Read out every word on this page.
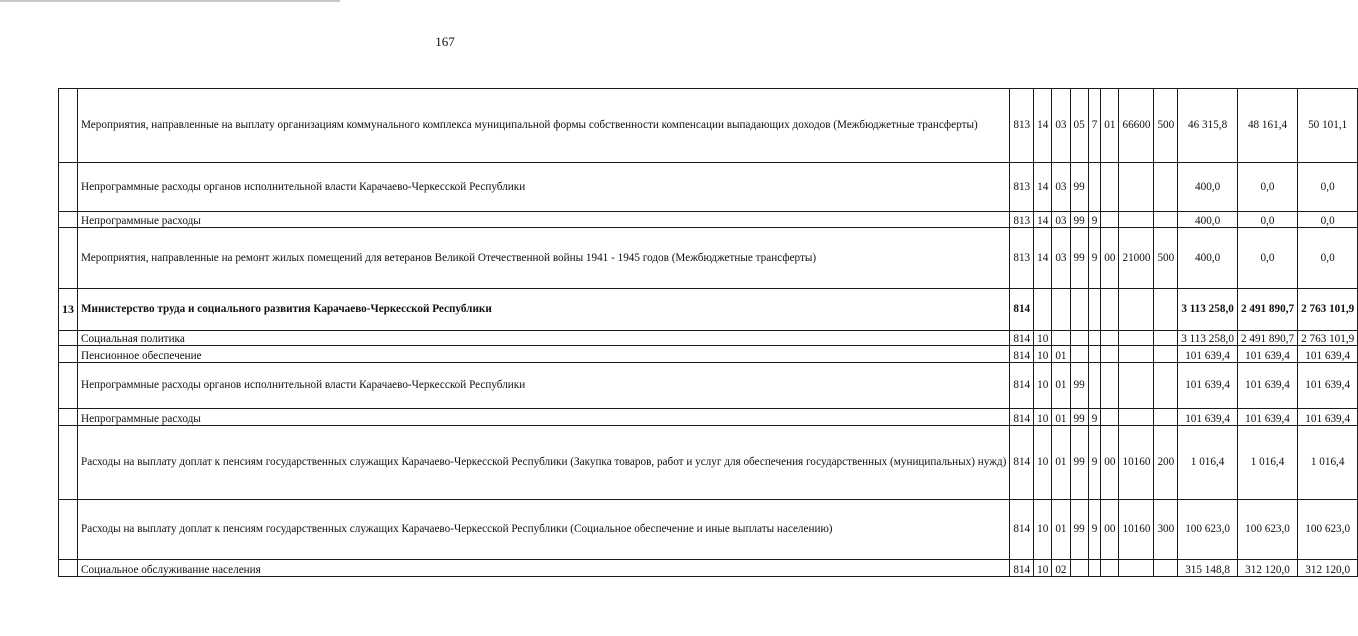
167
	Мероприятия, направленные на выплату организациям коммунального комплекса муниципальной формы собственности компенсации выпадающих доходов (Межбюджетные трансферты)	813	14	03	05	7	01	66600	500	46 315,8	48 161,4	50 101,1
	Непрограммные расходы органов исполнительной власти Карачаево-Черкесской Республики	813	14	03	99					400,0	0,0	0,0
	Непрограммные расходы	813	14	03	99	9				400,0	0,0	0,0
	Мероприятия, направленные на ремонт жилых помещений для ветеранов Великой Отечественной войны 1941 - 1945 годов (Межбюджетные трансферты)	813	14	03	99	9	00	21000	500	400,0	0,0	0,0
13	Министерство труда и социального развития Карачаево-Черкесской Республики	814								3 113 258,0	2 491 890,7	2 763 101,9
	Социальная политика	814	10							3 113 258,0	2 491 890,7	2 763 101,9
	Пенсионное обеспечение	814	10	01						101 639,4	101 639,4	101 639,4
	Непрограммные расходы органов исполнительной власти Карачаево-Черкесской Республики	814	10	01	99					101 639,4	101 639,4	101 639,4
	Непрограммные расходы	814	10	01	99	9				101 639,4	101 639,4	101 639,4
	Расходы на выплату доплат к пенсиям государственных служащих Карачаево-Черкесской Республики (Закупка товаров, работ и услуг для обеспечения государственных (муниципальных) нужд)	814	10	01	99	9	00	10160	200	1 016,4	1 016,4	1 016,4
	Расходы на выплату доплат к пенсиям государственных служащих Карачаево-Черкесской Республики (Социальное обеспечение и иные выплаты населению)	814	10	01	99	9	00	10160	300	100 623,0	100 623,0	100 623,0
	Социальное обслуживание населения	814	10	02						315 148,8	312 120,0	312 120,0
